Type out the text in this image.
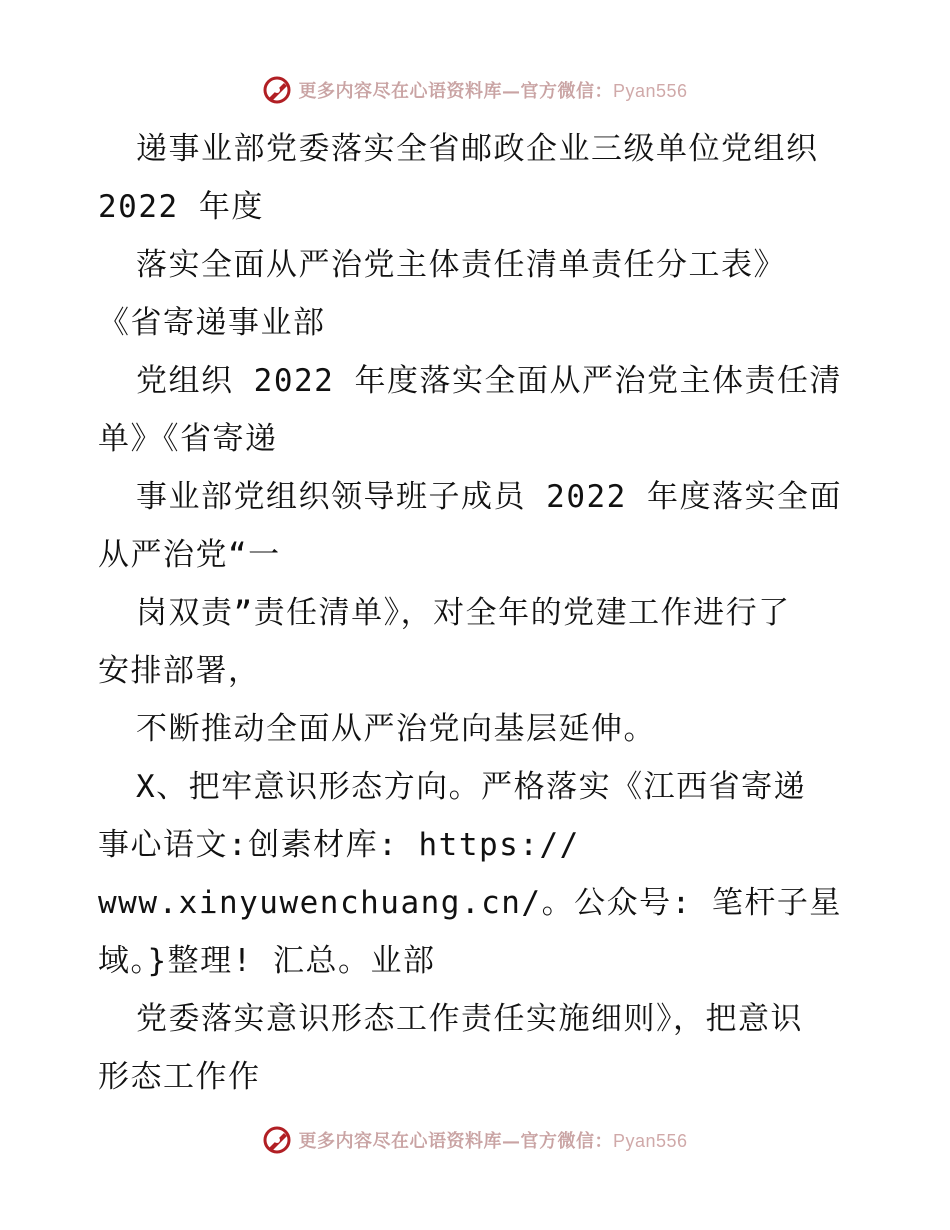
更多内容尽在心语资料库—官方微信：Pyan556
递事业部党委落实全省邮政企业三级单位党组织
2022 年度
落实全面从严治党主体责任清单责任分工表》
《省寄递事业部
党组织 2022 年度落实全面从严治党主体责任清
单》《省寄递
事业部党组织领导班子成员 2022 年度落实全面
从严治党“一
岗双责”责任清单》，对全年的党建工作进行了
安排部署，
不断推动全面从严治党向基层延伸。
X、把牢意识形态方向。严格落实《江西省寄递
事心语文:创素材库: https://
www.xinyuwenchuang.cn/。公众号: 笔杆子星
域。}整理! 汇总。业部
党委落实意识形态工作责任实施细则》，把意识
形态工作作
更多内容尽在心语资料库—官方微信：Pyan556
